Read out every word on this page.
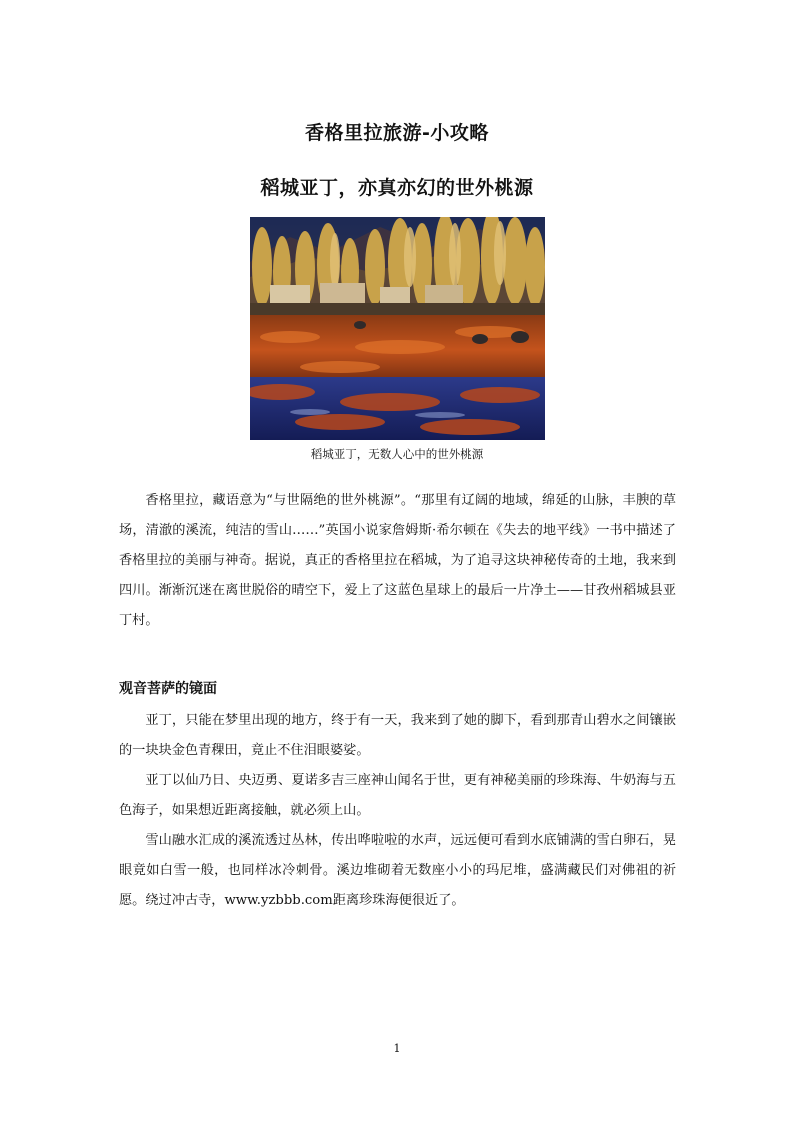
香格里拉旅游-小攻略
稻城亚丁，亦真亦幻的世外桃源
稻城亚丁，无数人心中的世外桃源

香格里拉，藏语意为“与世隔绝的世外桃源”。“那里有辽阔的地域，绵延的山脉，丰腴的草场，清澈的溪流，纯洁的雪山……”英国小说家詹姆斯·希尔顿在《失去的地平线》一书中描述了香格里拉的美丽与神奇。据说，真正的香格里拉在稻城，为了追寻这块神秘传奇的土地，我来到四川。渐渐沉迷在离世脱俗的晴空下，爱上了这蓝色星球上的最后一片净土——甘孜州稻城县亚丁村。

观音菩萨的镜面

亚丁，只能在梦里出现的地方，终于有一天，我来到了她的脚下，看到那青山碧水之间镶嵌的一块块金色青稞田，竟止不住泪眼婆娑。

亚丁以仙乃日、央迈勇、夏诺多吉三座神山闻名于世，更有神秘美丽的珍珠海、牛奶海与五色海子，如果想近距离接触，就必须上山。

雪山融水汇成的溪流透过丛林，传出哗啦啦的水声，远远便可看到水底铺满的雪白卵石，晃眼竟如白雪一般，也同样冰冷刺骨。溪边堆砌着无数座小小的玛尼堆，盛满藏民们对佛祖的祈愿。绕过冲古寺，www.yzbbb.com距离珍珠海便很近了。

1
